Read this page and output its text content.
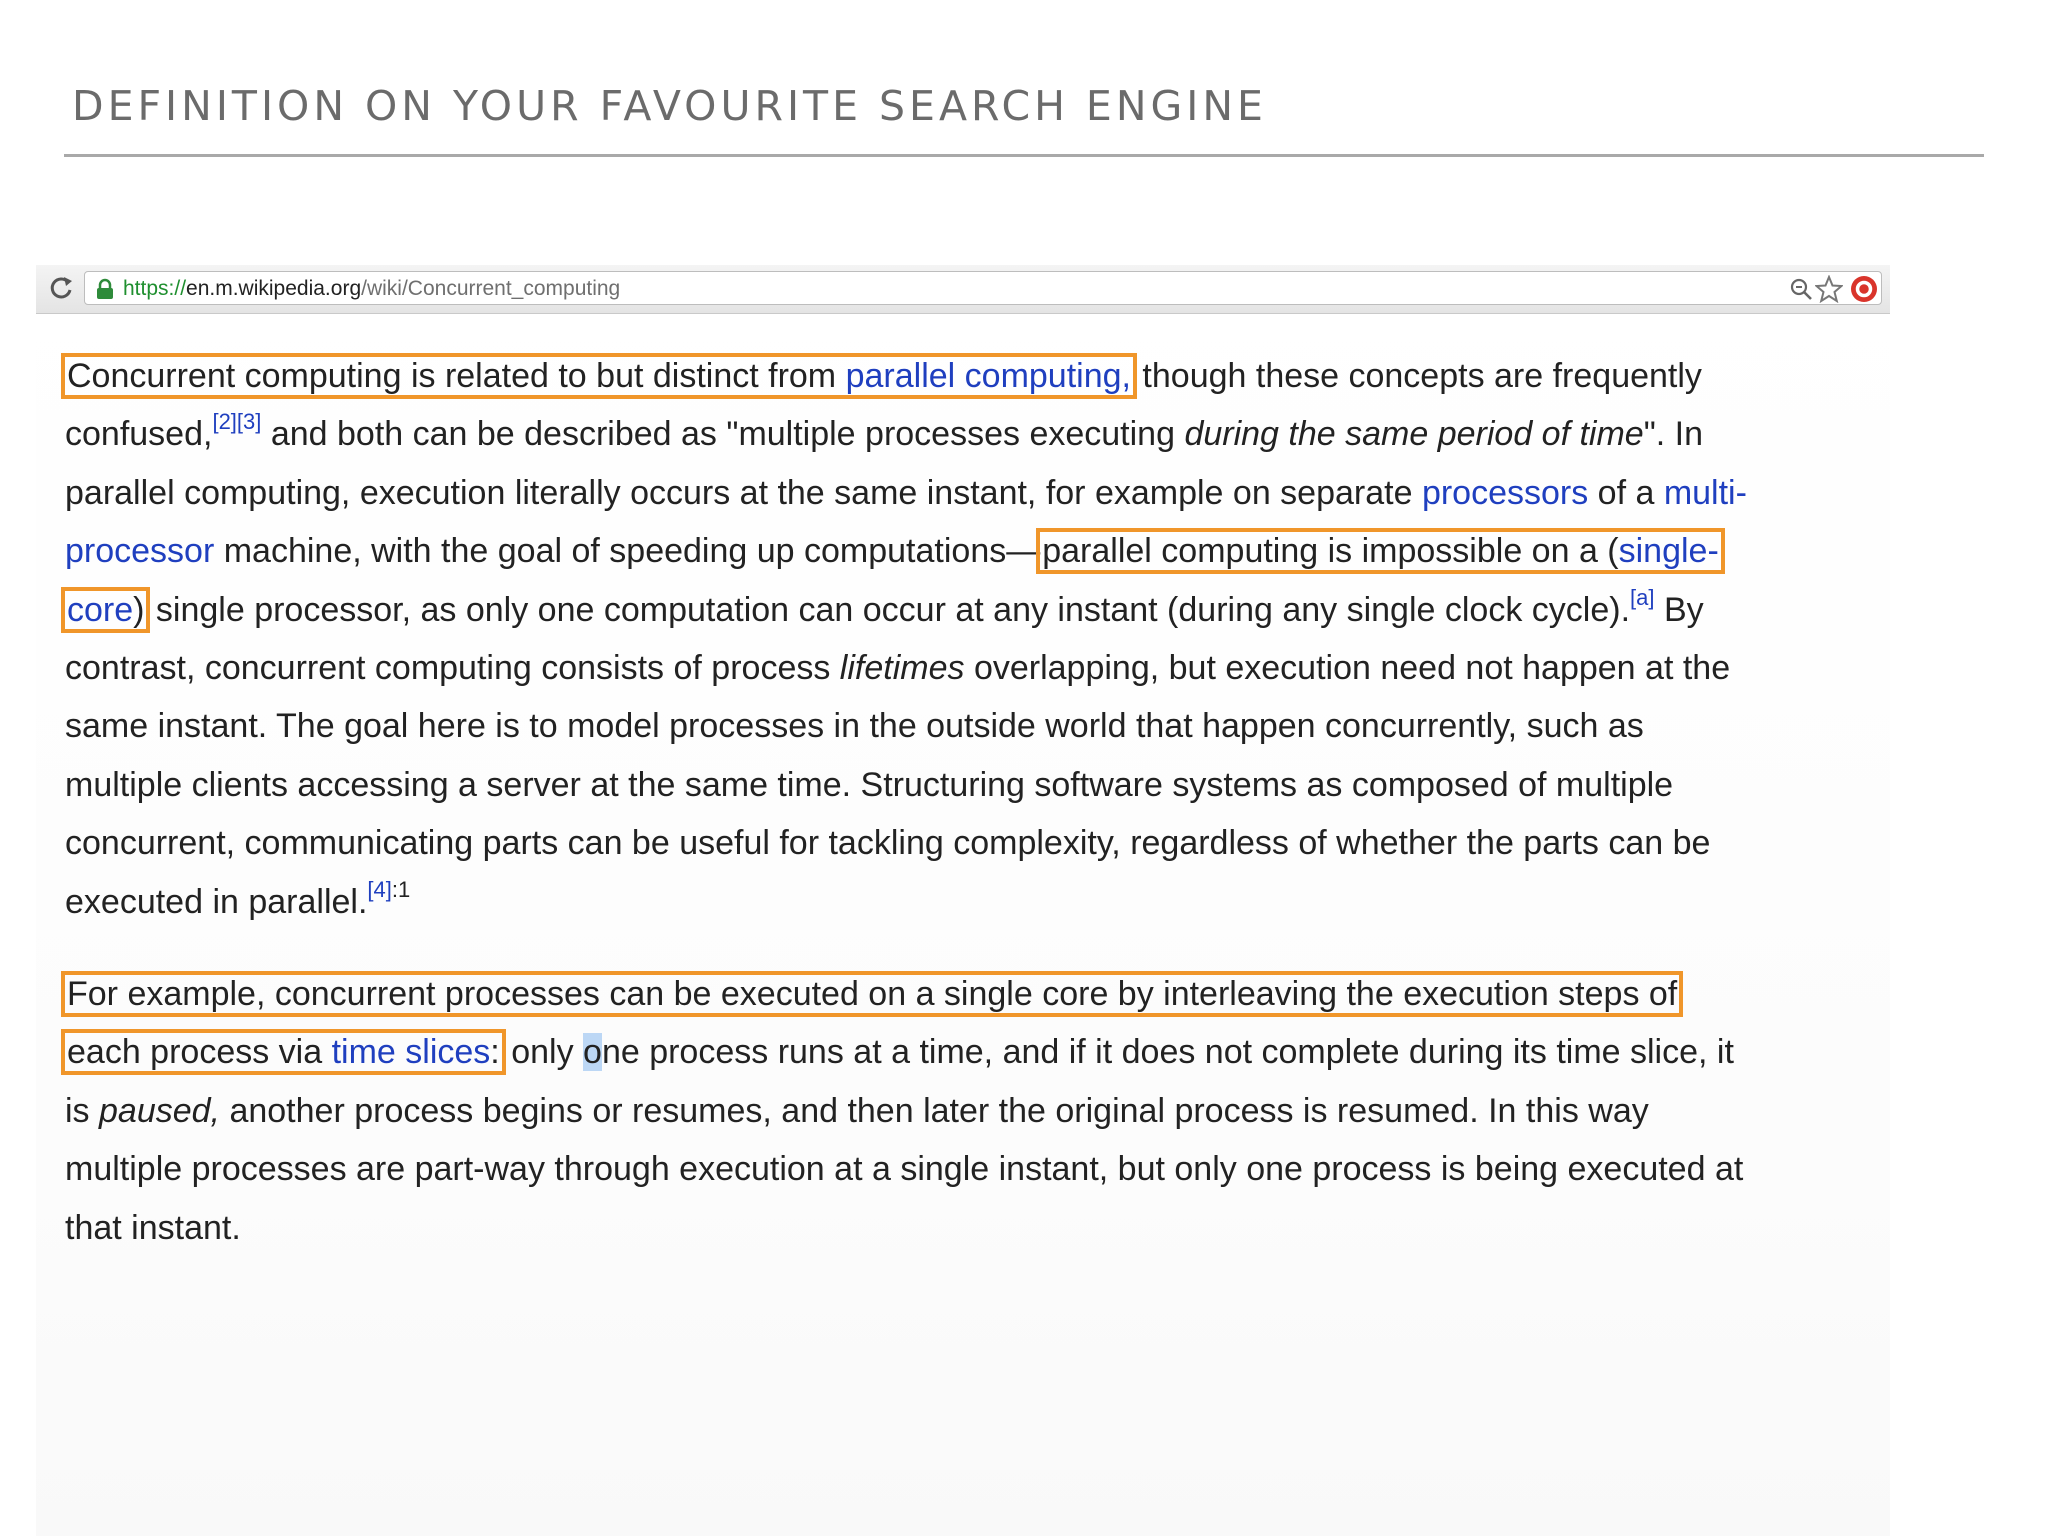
DEFINITION ON YOUR FAVOURITE SEARCH ENGINE
https://en.m.wikipedia.org/wiki/Concurrent_computing
Concurrent computing is related to but distinct from parallel computing, though these concepts are frequently
confused,[2][3] and both can be described as "multiple processes executing during the same period of time". In
parallel computing, execution literally occurs at the same instant, for example on separate processors of a multi-
processor machine, with the goal of speeding up computations—parallel computing is impossible on a (single-
core) single processor, as only one computation can occur at any instant (during any single clock cycle).[a] By
contrast, concurrent computing consists of process lifetimes overlapping, but execution need not happen at the
same instant. The goal here is to model processes in the outside world that happen concurrently, such as
multiple clients accessing a server at the same time. Structuring software systems as composed of multiple
concurrent, communicating parts can be useful for tackling complexity, regardless of whether the parts can be
executed in parallel.$^{[4]:1}$
For example, concurrent processes can be executed on a single core by interleaving the execution steps of
each process via time slices: only one process runs at a time, and if it does not complete during its time slice, it
is paused, another process begins or resumes, and then later the original process is resumed. In this way
multiple processes are part-way through execution at a single instant, but only one process is being executed at
that instant.
